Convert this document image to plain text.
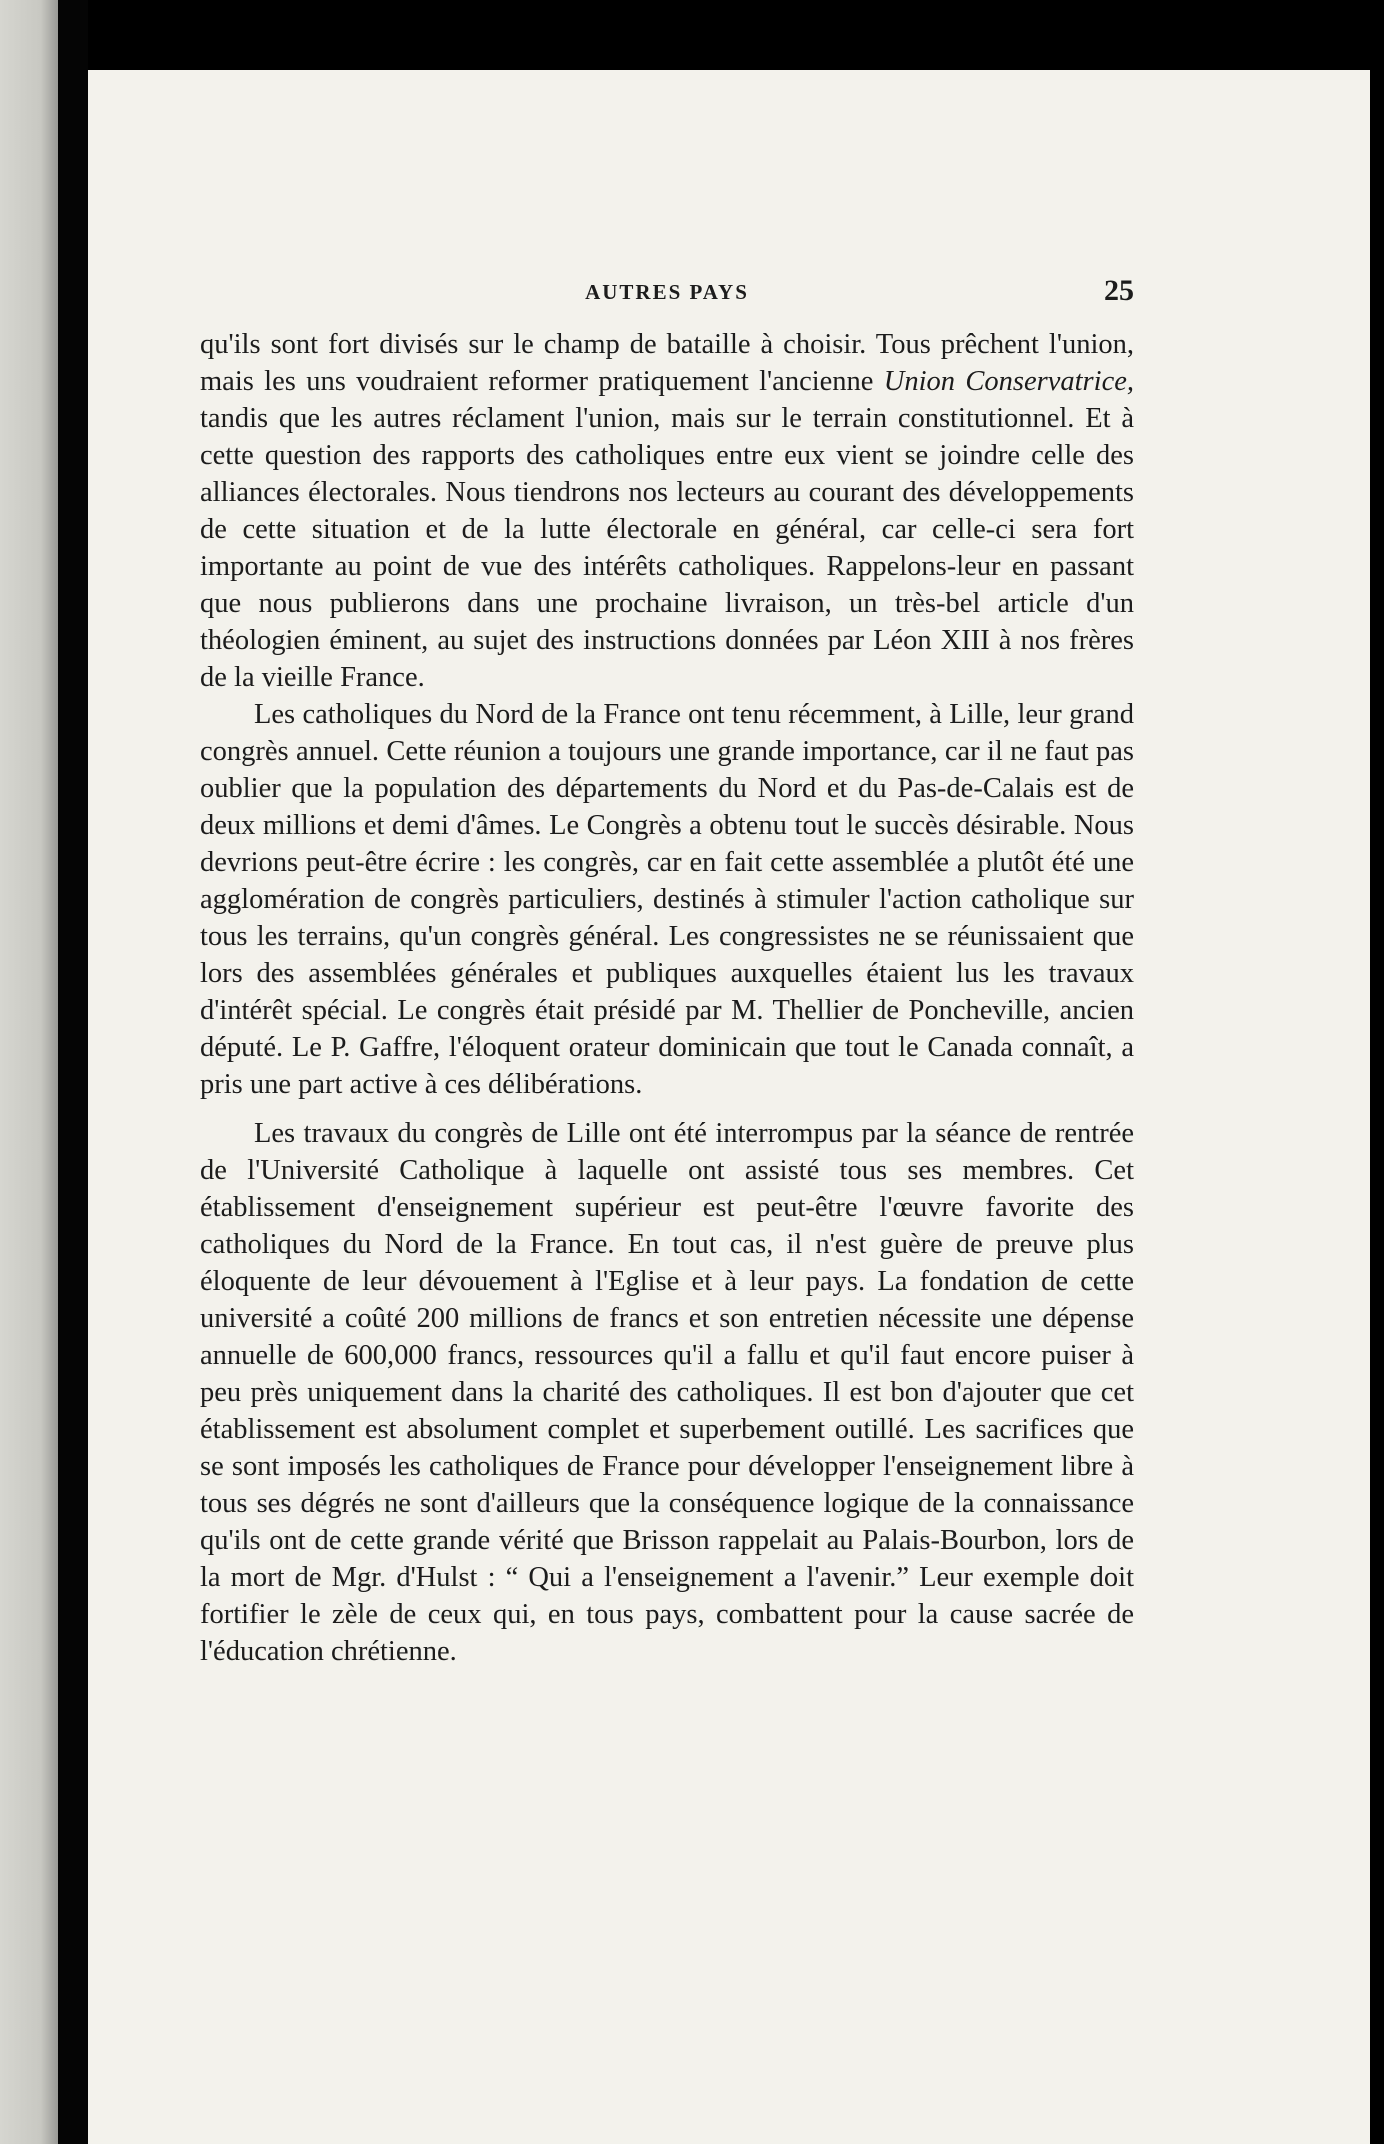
AUTRES PAYS	25

qu'ils sont fort divisés sur le champ de bataille à choisir. Tous prêchent l'union, mais les uns voudraient reformer pratiquement l'ancienne Union Conservatrice, tandis que les autres réclament l'union, mais sur le terrain constitutionnel. Et à cette question des rapports des catholiques entre eux vient se joindre celle des alliances électorales. Nous tiendrons nos lecteurs au courant des développements de cette situation et de la lutte électorale en général, car celle-ci sera fort importante au point de vue des intérêts catholiques. Rappelons-leur en passant que nous publierons dans une prochaine livraison, un très-bel article d'un théologien éminent, au sujet des instructions données par Léon XIII à nos frères de la vieille France.

Les catholiques du Nord de la France ont tenu récemment, à Lille, leur grand congrès annuel. Cette réunion a toujours une grande importance, car il ne faut pas oublier que la population des départements du Nord et du Pas-de-Calais est de deux millions et demi d'âmes. Le Congrès a obtenu tout le succès désirable. Nous devrions peut-être écrire : les congrès, car en fait cette assemblée a plutôt été une agglomération de congrès particuliers, destinés à stimuler l'action catholique sur tous les terrains, qu'un congrès général. Les congressistes ne se réunissaient que lors des assemblées générales et publiques auxquelles étaient lus les travaux d'intérêt spécial. Le congrès était présidé par M. Thellier de Poncheville, ancien député. Le P. Gaffre, l'éloquent orateur dominicain que tout le Canada connaît, a pris une part active à ces délibérations.

Les travaux du congrès de Lille ont été interrompus par la séance de rentrée de l'Université Catholique à laquelle ont assisté tous ses membres. Cet établissement d'enseignement supérieur est peut-être l'œuvre favorite des catholiques du Nord de la France. En tout cas, il n'est guère de preuve plus éloquente de leur dévouement à l'Eglise et à leur pays. La fondation de cette université a coûté 200 millions de francs et son entretien nécessite une dépense annuelle de 600,000 francs, ressources qu'il a fallu et qu'il faut encore puiser à peu près uniquement dans la charité des catholiques. Il est bon d'ajouter que cet établissement est absolument complet et superbement outillé. Les sacrifices que se sont imposés les catholiques de France pour développer l'enseignement libre à tous ses dégrés ne sont d'ailleurs que la conséquence logique de la connaissance qu'ils ont de cette grande vérité que Brisson rappelait au Palais-Bourbon, lors de la mort de Mgr. d'Hulst : “ Qui a l'enseignement a l'avenir.” Leur exemple doit fortifier le zèle de ceux qui, en tous pays, combattent pour la cause sacrée de l'éducation chrétienne.
